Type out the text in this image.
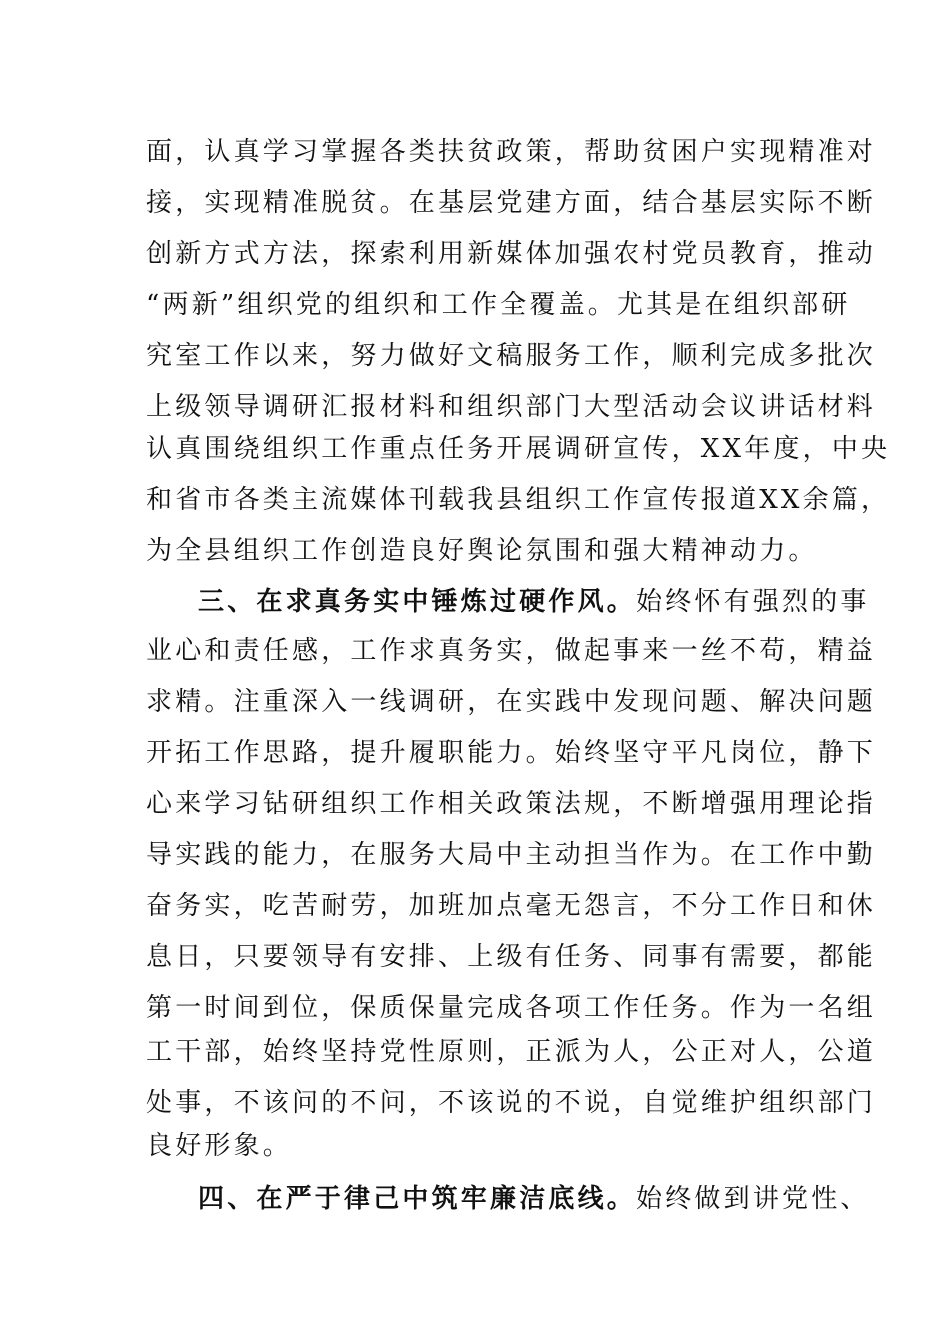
面，认真学习掌握各类扶贫政策，帮助贫困户实现精准对
接，实现精准脱贫。在基层党建方面，结合基层实际不断
创新方式方法，探索利用新媒体加强农村党员教育，推动
“两新”组织党的组织和工作全覆盖。尤其是在组织部研
究室工作以来，努力做好文稿服务工作，顺利完成多批次
上级领导调研汇报材料和组织部门大型活动会议讲话材料
认真围绕组织工作重点任务开展调研宣传，XX年度，中央
和省市各类主流媒体刊载我县组织工作宣传报道XX余篇，
为全县组织工作创造良好舆论氛围和强大精神动力。
三、在求真务实中锤炼过硬作风。始终怀有强烈的事
业心和责任感，工作求真务实，做起事来一丝不苟，精益
求精。注重深入一线调研，在实践中发现问题、解决问题
开拓工作思路，提升履职能力。始终坚守平凡岗位，静下
心来学习钻研组织工作相关政策法规，不断增强用理论指
导实践的能力，在服务大局中主动担当作为。在工作中勤
奋务实，吃苦耐劳，加班加点毫无怨言，不分工作日和休
息日，只要领导有安排、上级有任务、同事有需要，都能
第一时间到位，保质保量完成各项工作任务。作为一名组
工干部，始终坚持党性原则，正派为人，公正对人，公道
处事，不该问的不问，不该说的不说，自觉维护组织部门
良好形象。
四、在严于律己中筑牢廉洁底线。始终做到讲党性、
